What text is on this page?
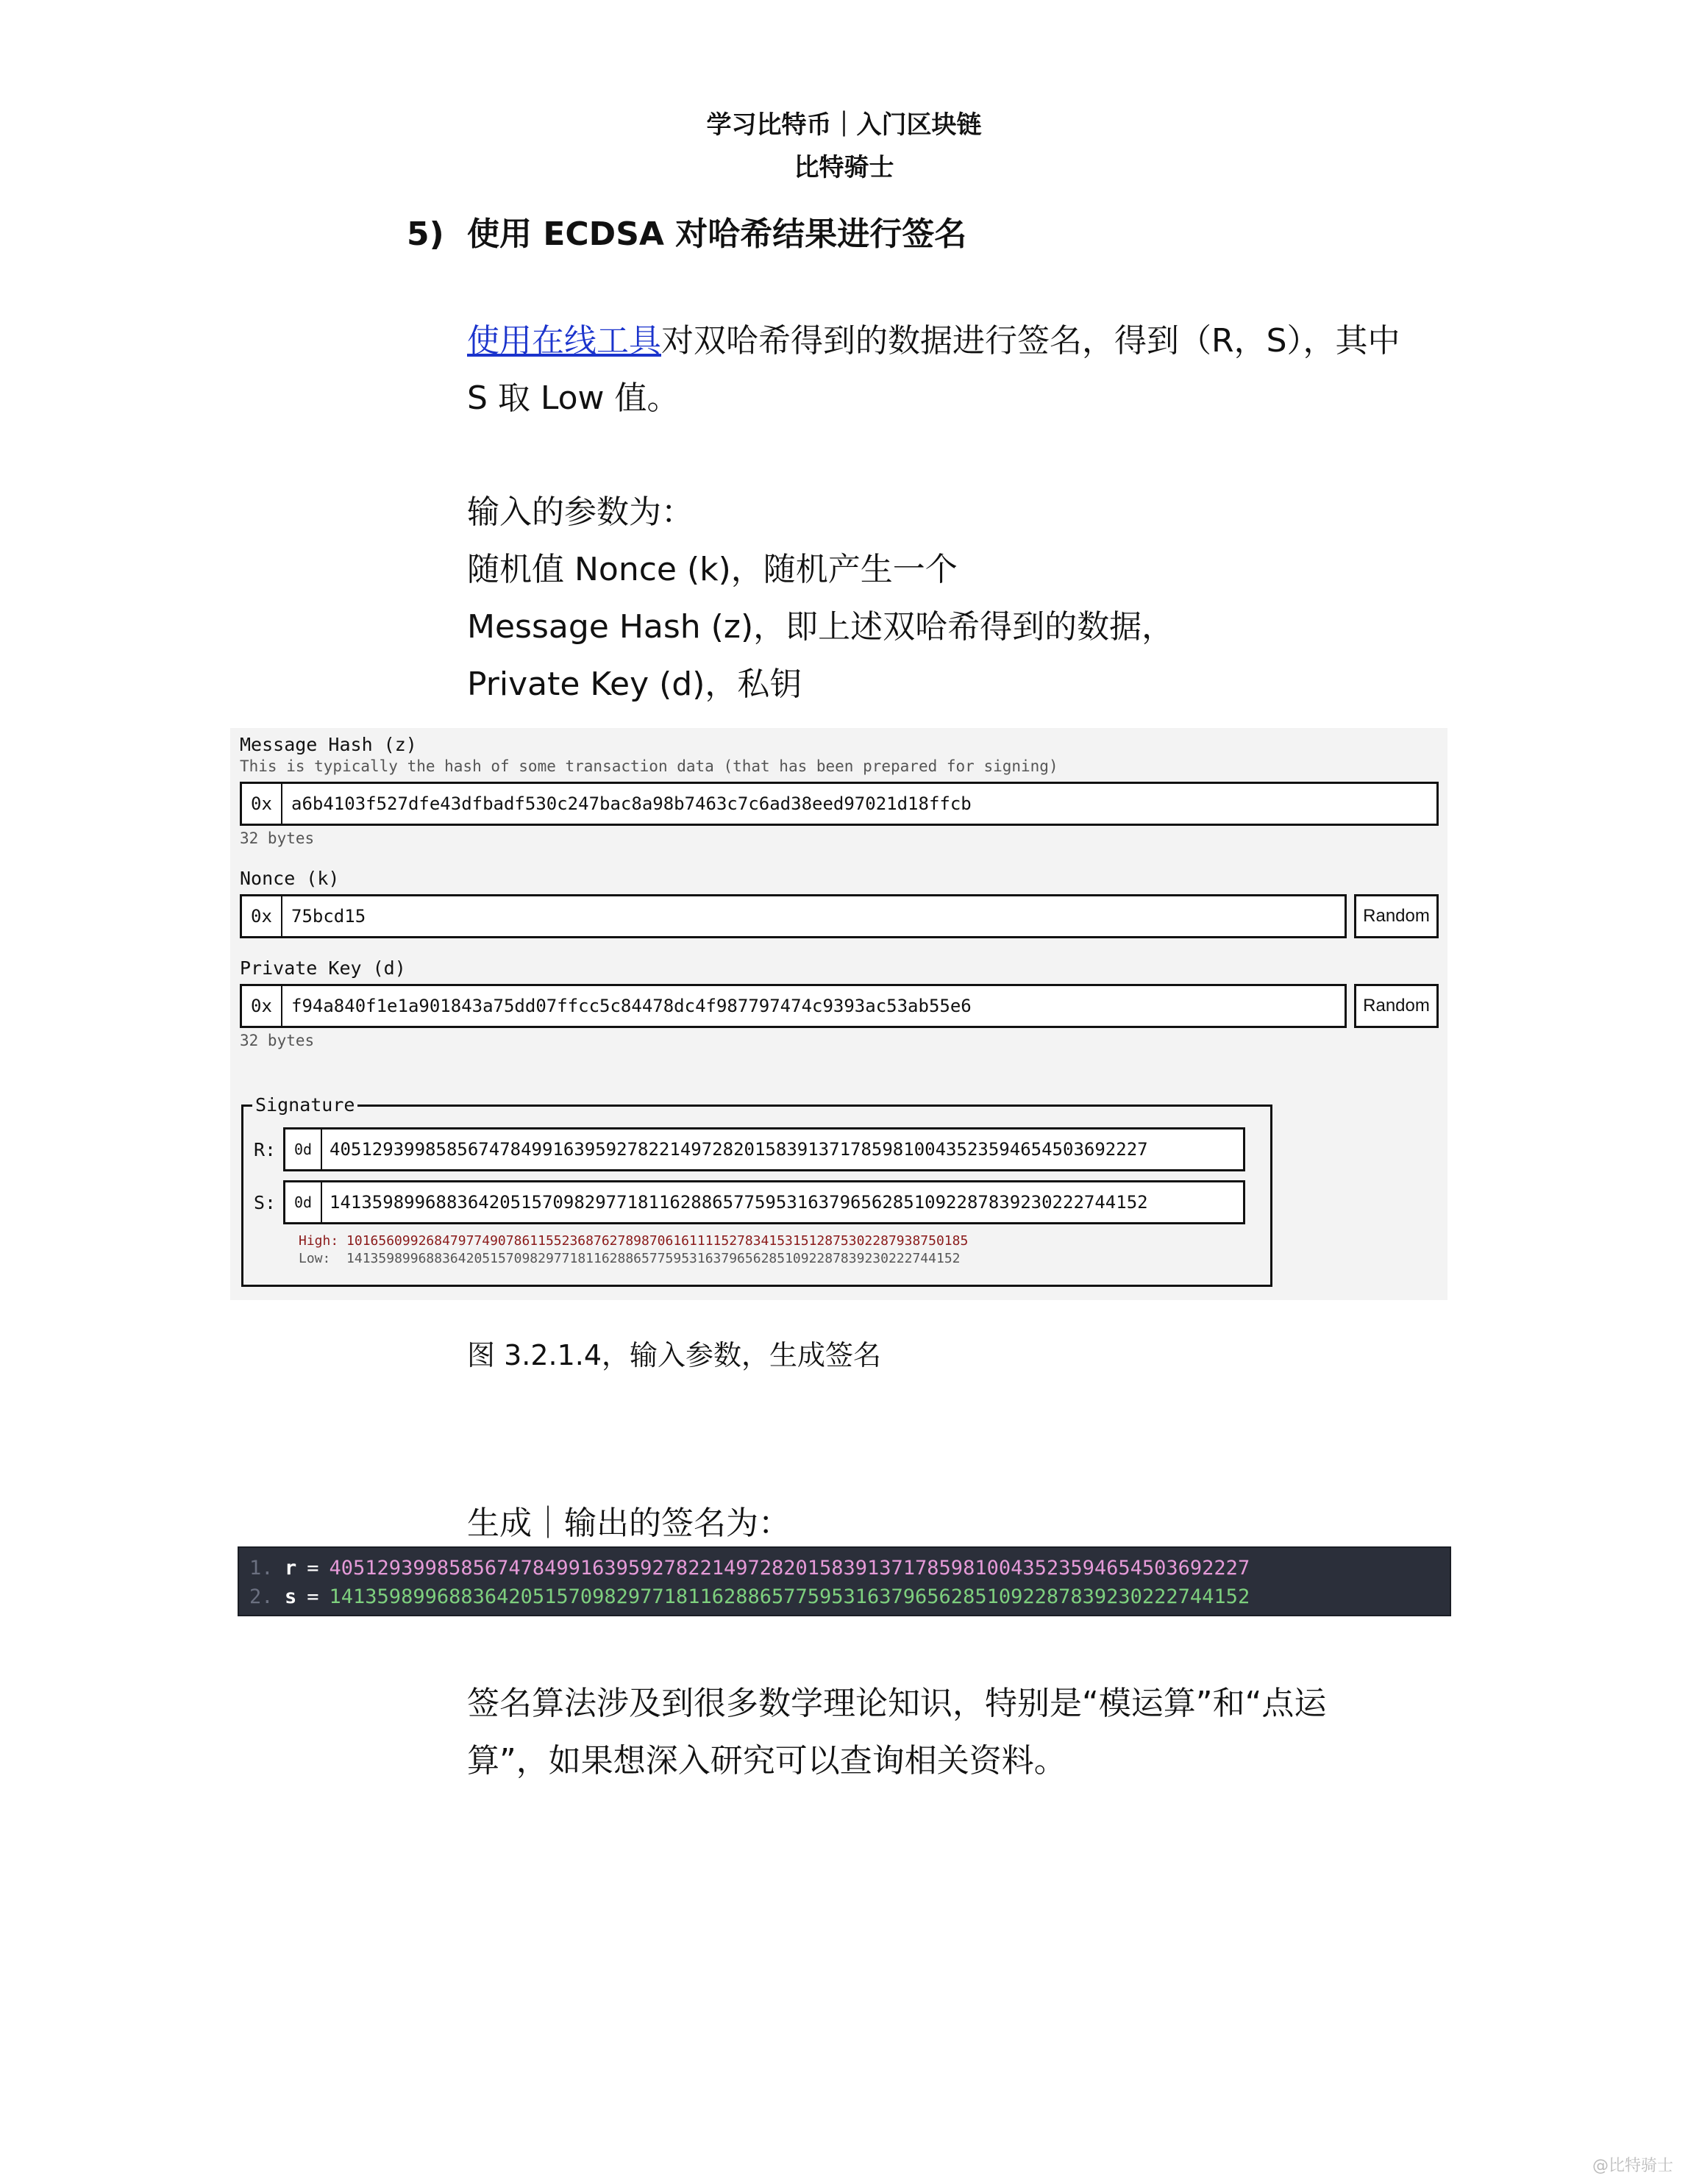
学习比特币｜入门区块链
比特骑士
5) 使用 ECDSA 对哈希结果进行签名
使用在线工具对双哈希得到的数据进行签名，得到（R，S），其中
S 取 Low 值。
输入的参数为：
随机值 Nonce (k)，随机产生一个
Message Hash (z)，即上述双哈希得到的数据，
Private Key (d)，私钥
Message Hash (z)
This is typically the hash of some transaction data (that has been prepared for signing)
0x	a6b4103f527dfe43dfbadf530c247bac8a98b7463c7c6ad38eed97021d18ffcb
32 bytes
Nonce (k)
0x	75bcd15	Random
Private Key (d)
0x	f94a840f1e1a901843a75dd07ffcc5c84478dc4f987797474c9393ac53ab55e6	Random
32 bytes
Signature
R:	0d 40512939985856747849916395927822149728201583913717859810043523594654503692227
S:	0d 14135989968836420515709829771811628865775953163796562851092287839230222744152
High: 101656099268479774907861155236876278987061611115278341531512875302287938750185
Low: 14135989968836420515709829771811628865775953163796562851092287839230222744152
图 3.2.1.4，输入参数，生成签名
生成｜输出的签名为：
1. r = 40512939985856747849916395927822149728201583913717859810043523594654503692227
2. s = 14135989968836420515709829771811628865775953163796562851092287839230222744152
签名算法涉及到很多数学理论知识，特别是“模运算”和“点运
算”，如果想深入研究可以查询相关资料。
@比特骑士
